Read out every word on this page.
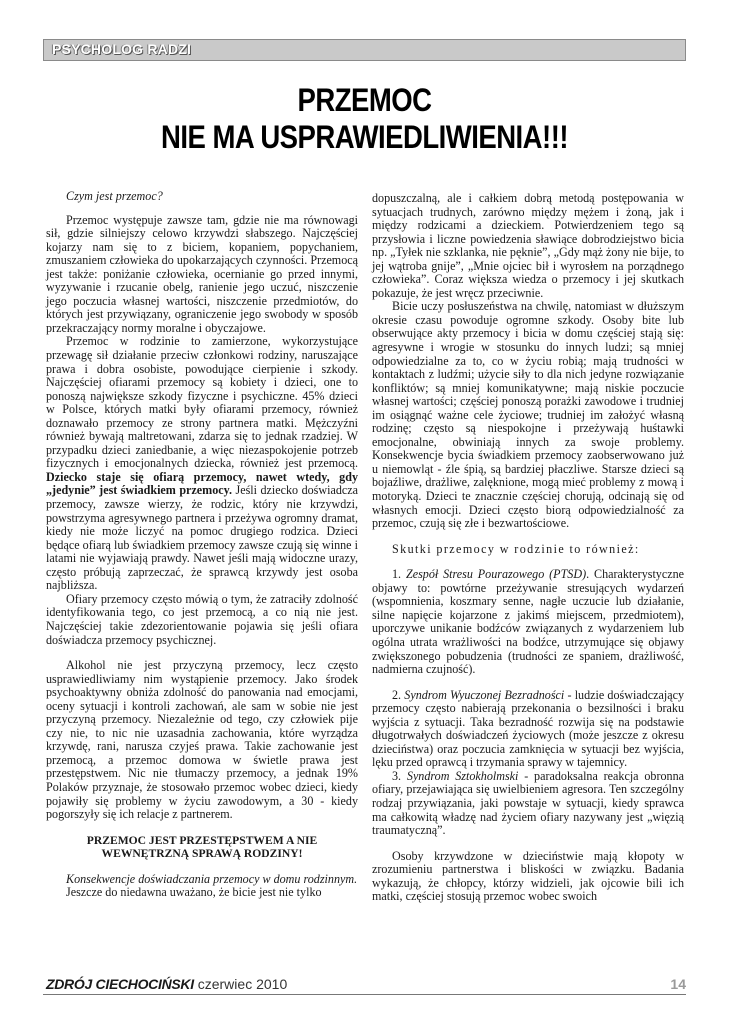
PSYCHOLOG RADZI
PRZEMOC
NIE MA USPRAWIEDLIWIENIA!!!

Czym jest przemoc?

Przemoc występuje zawsze tam, gdzie nie ma równowagi sił, gdzie silniejszy celowo krzywdzi słabszego. Najczęściej kojarzy nam się to z biciem, kopaniem, popychaniem, zmuszaniem człowieka do upokarzających czynności. Przemocą jest także: poniżanie człowieka, ocernianie go przed innymi, wyzywanie i rzucanie obelg, ranienie jego uczuć, niszczenie jego poczucia własnej wartości, niszczenie przedmiotów, do których jest przywiązany, ograniczenie jego swobody w sposób przekraczający normy moralne i obyczajowe.

Przemoc w rodzinie to zamierzone, wykorzystujące przewagę sił działanie przeciw członkowi rodziny, naruszające prawa i dobra osobiste, powodujące cierpienie i szkody. Najczęściej ofiarami przemocy są kobiety i dzieci, one to ponoszą największe szkody fizyczne i psychiczne. 45% dzieci w Polsce, których matki były ofiarami przemocy, również doznawało przemocy ze strony partnera matki. Mężczyźni również bywają maltretowani, zdarza się to jednak rzadziej. W przypadku dzieci zaniedbanie, a więc niezaspokojenie potrzeb fizycznych i emocjonalnych dziecka, również jest przemocą. Dziecko staje się ofiarą przemocy, nawet wtedy, gdy „jedynie” jest świadkiem przemocy. Jeśli dziecko doświadcza przemocy, zawsze wierzy, że rodzic, który nie krzywdzi, powstrzyma agresywnego partnera i przeżywa ogromny dramat, kiedy nie może liczyć na pomoc drugiego rodzica. Dzieci będące ofiarą lub świadkiem przemocy zawsze czują się winne i latami nie wyjawiają prawdy. Nawet jeśli mają widoczne urazy, często próbują zaprzeczać, że sprawcą krzywdy jest osoba najbliższa.

Ofiary przemocy często mówią o tym, że zatraciły zdolność identyfikowania tego, co jest przemocą, a co nią nie jest. Najczęściej takie zdezorientowanie pojawia się jeśli ofiara doświadcza przemocy psychicznej.

Alkohol nie jest przyczyną przemocy, lecz często usprawiedliwiamy nim wystąpienie przemocy. Jako środek psychoaktywny obniża zdolność do panowania nad emocjami, oceny sytuacji i kontroli zachowań, ale sam w sobie nie jest przyczyną przemocy. Niezależnie od tego, czy człowiek pije czy nie, to nic nie uzasadnia zachowania, które wyrządza krzywdę, rani, narusza czyjeś prawa. Takie zachowanie jest przemocą, a przemoc domowa w świetle prawa jest przestępstwem. Nic nie tłumaczy przemocy, a jednak 19% Polaków przyznaje, że stosowało przemoc wobec dzieci, kiedy pojawiły się problemy w życiu zawodowym, a 30 - kiedy pogorszyły się ich relacje z partnerem.

PRZEMOC JEST PRZESTĘPSTWEM A NIE WEWNĘTRZNĄ SPRAWĄ RODZINY!

Konsekwencje doświadczania przemocy w domu rodzinnym.

Jeszcze do niedawna uważano, że bicie jest nie tylko

dopuszczalną, ale i całkiem dobrą metodą postępowania w sytuacjach trudnych, zarówno między mężem i żoną, jak i między rodzicami a dzieckiem. Potwierdzeniem tego są przysłowia i liczne powiedzenia sławiące dobrodziejstwo bicia np. „Tyłek nie szklanka, nie pęknie”, „Gdy mąż żony nie bije, to jej wątroba gnije”, „Mnie ojciec bił i wyrosłem na porządnego człowieka”. Coraz większa wiedza o przemocy i jej skutkach pokazuje, że jest wręcz przeciwnie.

Bicie uczy posłuszeństwa na chwilę, natomiast w dłuższym okresie czasu powoduje ogromne szkody. Osoby bite lub obserwujące akty przemocy i bicia w domu częściej stają się: agresywne i wrogie w stosunku do innych ludzi; są mniej odpowiedzialne za to, co w życiu robią; mają trudności w kontaktach z ludźmi; użycie siły to dla nich jedyne rozwiązanie konfliktów; są mniej komunikatywne; mają niskie poczucie własnej wartości; częściej ponoszą porażki zawodowe i trudniej im osiągnąć ważne cele życiowe; trudniej im założyć własną rodzinę; często są niespokojne i przeżywają huśtawki emocjonalne, obwiniają innych za swoje problemy. Konsekwencje bycia świadkiem przemocy zaobserwowano już u niemowląt - źle śpią, są bardziej płaczliwe. Starsze dzieci są bojaźliwe, drażliwe, zalęknione, mogą mieć problemy z mową i motoryką. Dzieci te znacznie częściej chorują, odcinają się od własnych emocji. Dzieci często biorą odpowiedzialność za przemoc, czują się złe i bezwartościowe.

Skutki przemocy w rodzinie to również:

1. Zespół Stresu Pourazowego (PTSD). Charakterystyczne objawy to: powtórne przeżywanie stresujących wydarzeń (wspomnienia, koszmary senne, nagłe uczucie lub działanie, silne napięcie kojarzone z jakimś miejscem, przedmiotem), uporczywe unikanie bodźców związanych z wydarzeniem lub ogólna utrata wrażliwości na bodźce, utrzymujące się objawy zwiększonego pobudzenia (trudności ze spaniem, drażliwość, nadmierna czujność).

2. Syndrom Wyuczonej Bezradności - ludzie doświadczający przemocy często nabierają przekonania o bezsilności i braku wyjścia z sytuacji. Taka bezradność rozwija się na podstawie długotrwałych doświadczeń życiowych (może jeszcze z okresu dzieciństwa) oraz poczucia zamknięcia w sytuacji bez wyjścia, lęku przed oprawcą i trzymania sprawy w tajemnicy.

3. Syndrom Sztokholmski - paradoksalna reakcja obronna ofiary, przejawiająca się uwielbieniem agresora. Ten szczególny rodzaj przywiązania, jaki powstaje w sytuacji, kiedy sprawca ma całkowitą władzę nad życiem ofiary nazywany jest „więzią traumatyczną”.

Osoby krzywdzone w dzieciństwie mają kłopoty w zrozumieniu partnerstwa i bliskości w związku. Badania wykazują, że chłopcy, którzy widzieli, jak ojcowie bili ich matki, częściej stosują przemoc wobec swoich

ZDRÓJ CIECHOCIŃSKI czerwiec 2010	14
